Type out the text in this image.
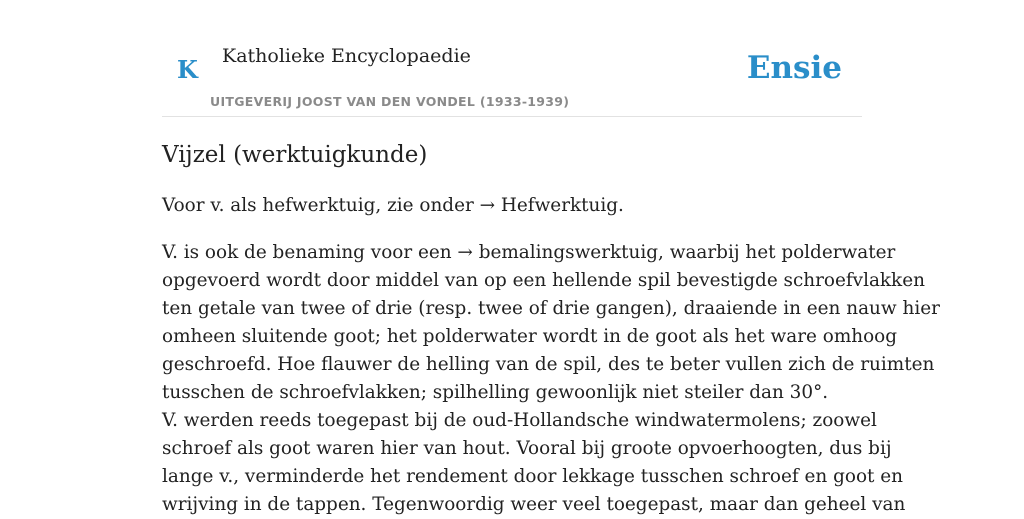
K Katholieke Encyclopaedie
UITGEVERIJ JOOST VAN DEN VONDEL (1933-1939)
Ensie
Vijzel (werktuigkunde)

Voor v. als hefwerktuig, zie onder → Hefwerktuig.

V. is ook de benaming voor een → bemalingswerktuig, waarbij het polderwater
opgevoerd wordt door middel van op een hellende spil bevestigde schroefvlakken
ten getale van twee of drie (resp. twee of drie gangen), draaiende in een nauw hier
omheen sluitende goot; het polderwater wordt in de goot als het ware omhoog
geschroefd. Hoe flauwer de helling van de spil, des te beter vullen zich de ruimten
tusschen de schroefvlakken; spilhelling gewoonlijk niet steiler dan 30°.
V. werden reeds toegepast bij de oud-Hollandsche windwatermolens; zoowel
schroef als goot waren hier van hout. Vooral bij groote opvoerhoogten, dus bij
lange v., verminderde het rendement door lekkage tusschen schroef en goot en
wrijving in de tappen. Tegenwoordig weer veel toegepast, maar dan geheel van
